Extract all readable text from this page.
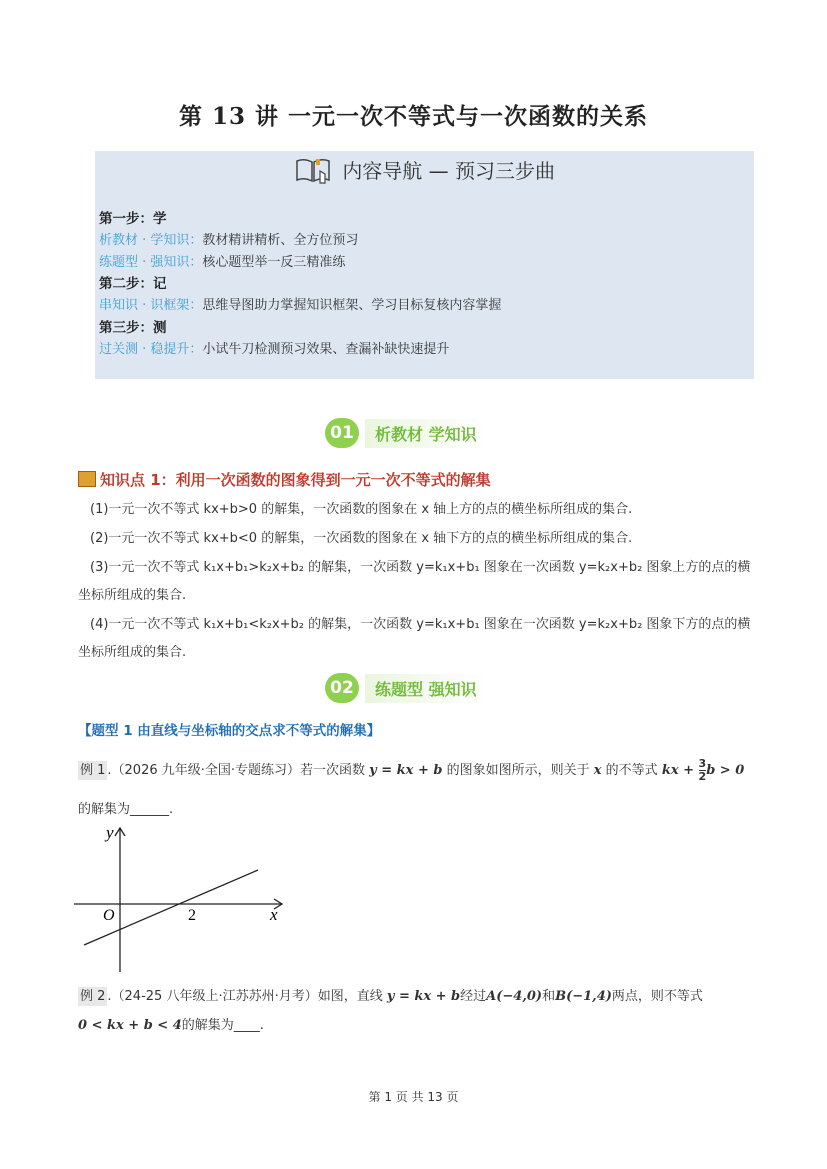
第 13 讲 一元一次不等式与一次函数的关系
内容导航 — 预习三步曲
第一步：学
析教材 · 学知识：教材精讲精析、全方位预习
练题型 · 强知识：核心题型举一反三精准练
第二步：记
串知识 · 识框架：思维导图助力掌握知识框架、学习目标复核内容掌握
第三步：测
过关测 · 稳提升：小试牛刀检测预习效果、查漏补缺快速提升
01	析教材 学知识
知识点 1：利用一次函数的图象得到一元一次不等式的解集
(1)一元一次不等式 kx+b>0 的解集，一次函数的图象在 x 轴上方的点的横坐标所组成的集合.
(2)一元一次不等式 kx+b<0 的解集，一次函数的图象在 x 轴下方的点的横坐标所组成的集合.
(3)一元一次不等式 k₁x+b₁>k₂x+b₂ 的解集，一次函数 y=k₁x+b₁ 图象在一次函数 y=k₂x+b₂ 图象上方的点的横
坐标所组成的集合.
(4)一元一次不等式 k₁x+b₁<k₂x+b₂ 的解集，一次函数 y=k₁x+b₁ 图象在一次函数 y=k₂x+b₂ 图象下方的点的横
坐标所组成的集合.
02	练题型 强知识
【题型 1 由直线与坐标轴的交点求不等式的解集】
例 1 .（2026 九年级·全国·专题练习）若一次函数 y = kx + b 的图象如图所示，则关于 x 的不等式 kx + $\frac{3}{2}$ b > 0
的解集为______.
y
x
O	2
例 2 .（24-25 八年级上·江苏苏州·月考）如图，直线 y = kx + b经过A(−4,0)和B(−1,4)两点，则不等式
0 < kx + b < 4的解集为____.
第 1 页 共 13 页
